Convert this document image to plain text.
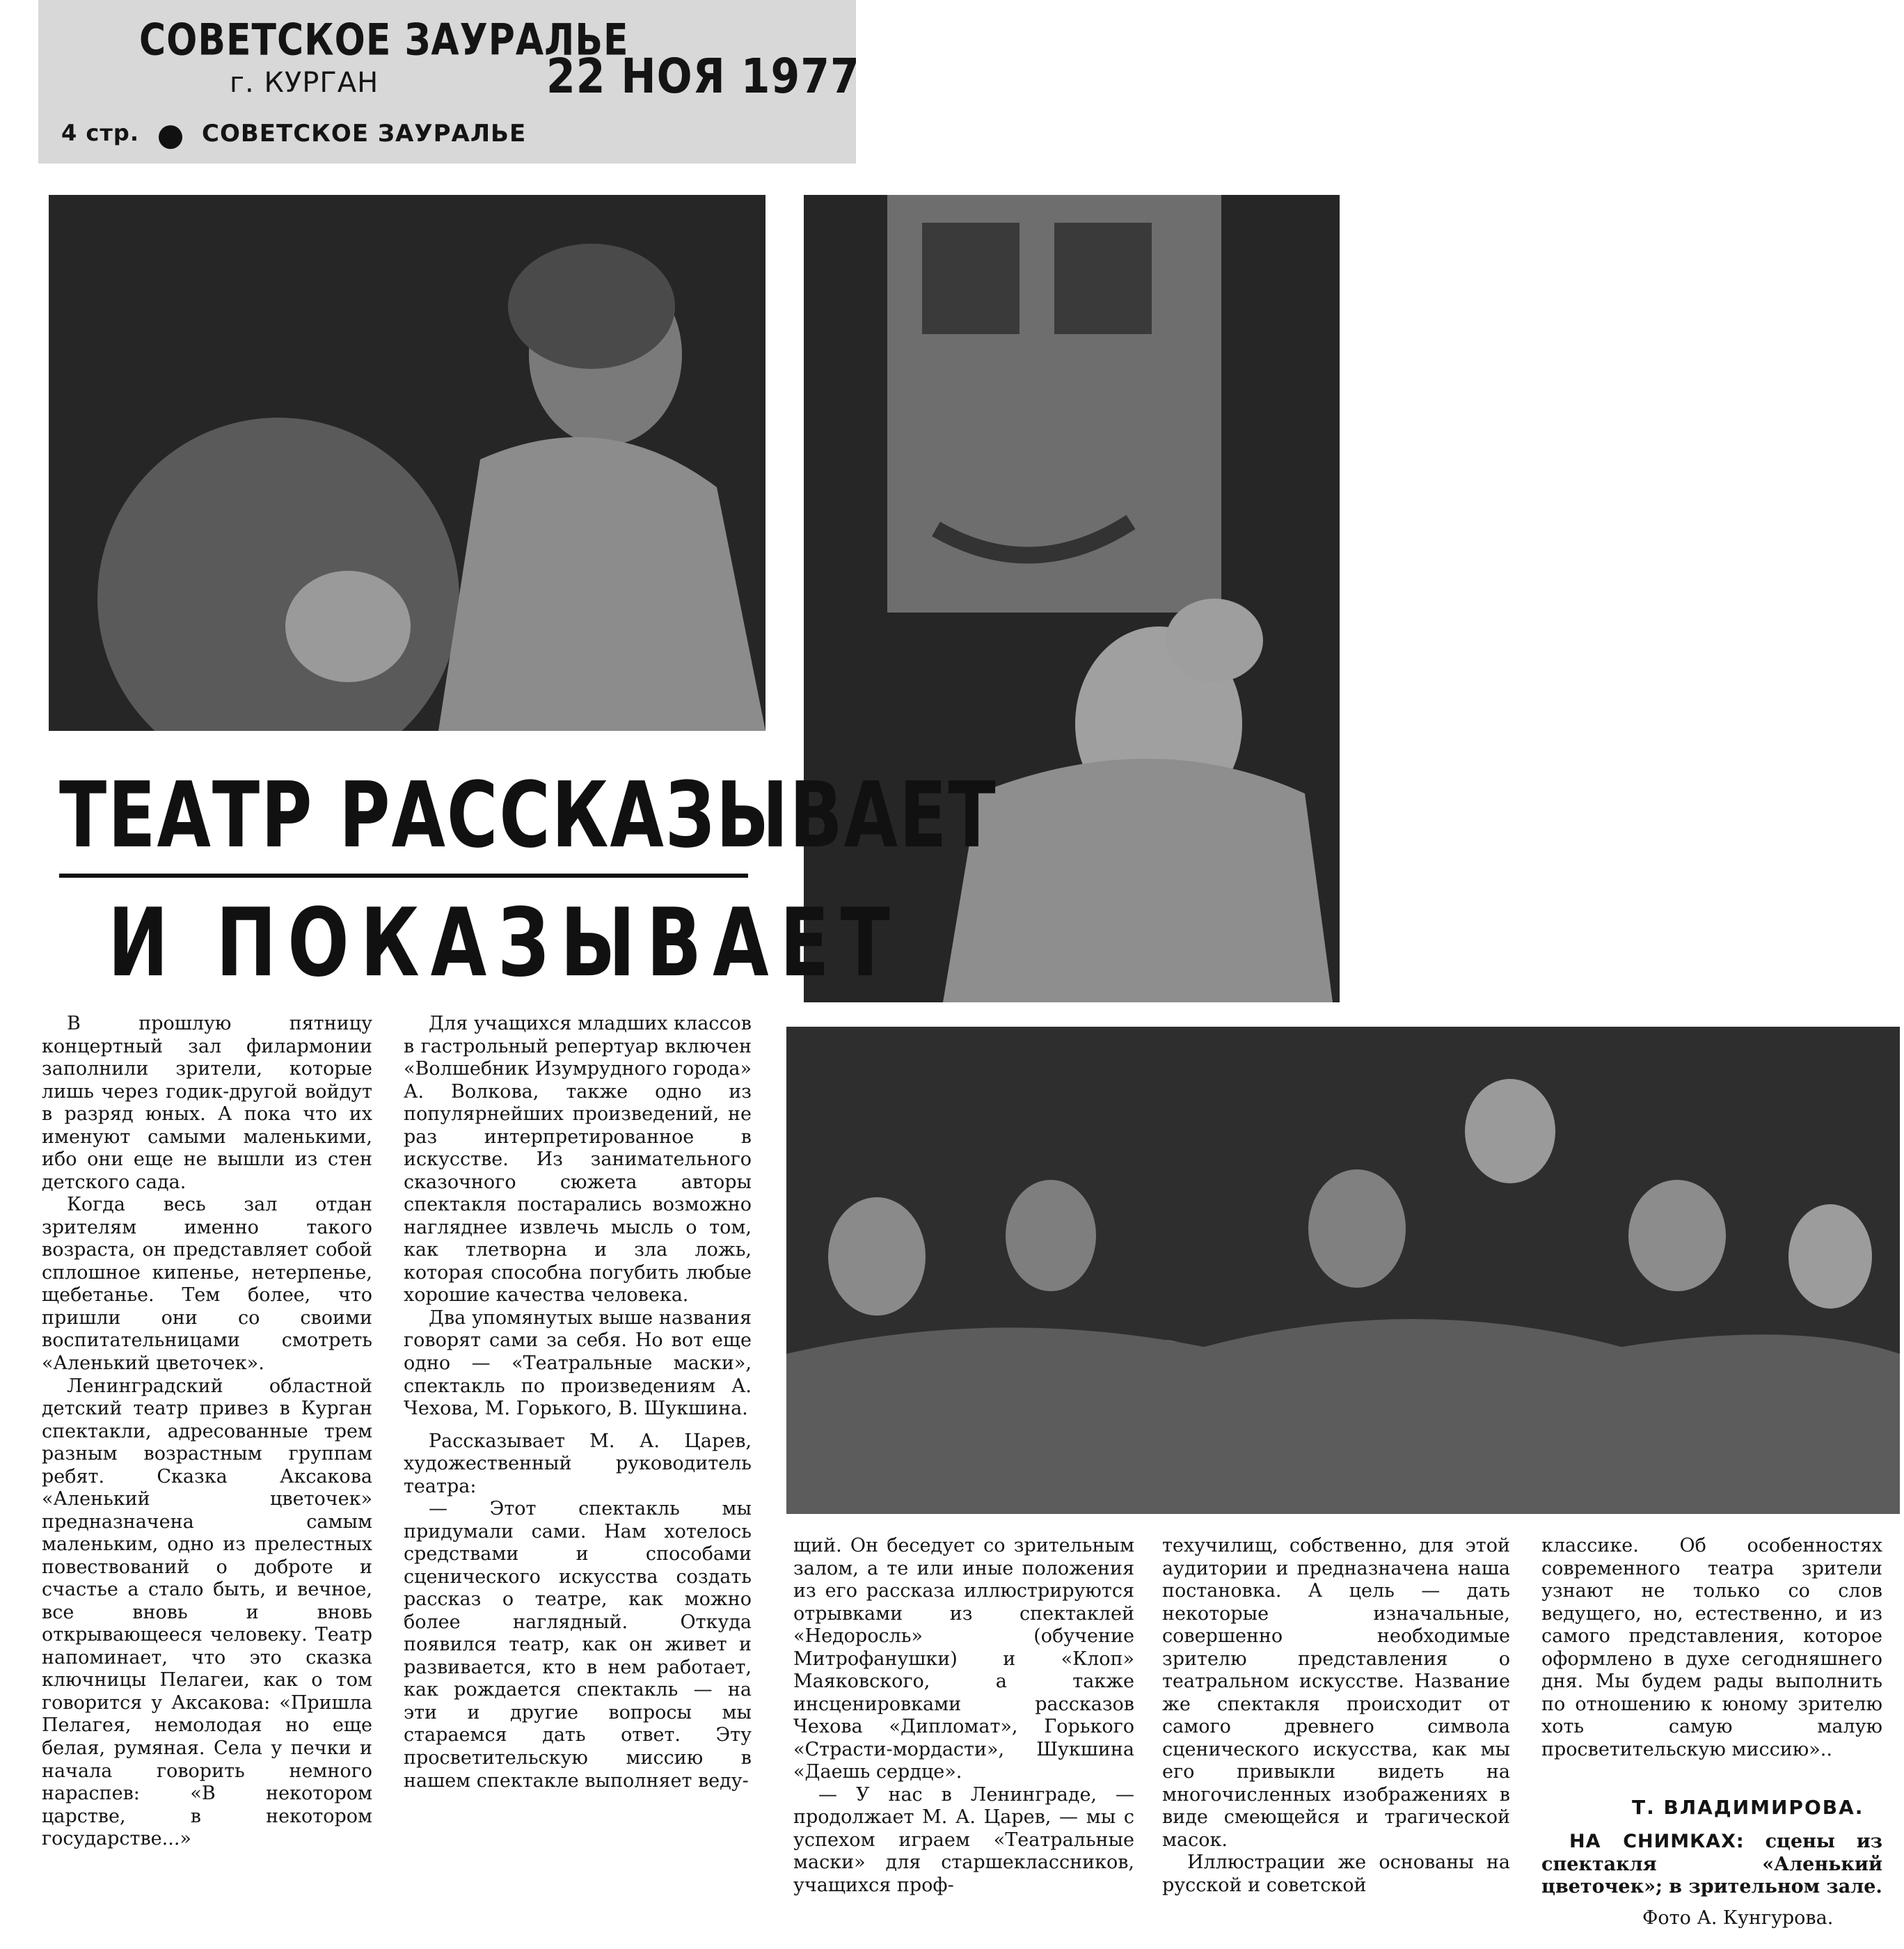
СОВЕТСКОЕ ЗАУРАЛЬЕ
г. КУРГАН	22 НОЯ 1977
4 стр.	СОВЕТСКОЕ ЗАУРАЛЬЕ
ТЕАТР РАССКАЗЫВАЕТ
И ПОКАЗЫВАЕТ

В прошлую пятницу концертный зал филармонии заполнили зрители, которые лишь через годик-другой войдут в разряд юных. А пока что их именуют самыми маленькими, ибо они еще не вышли из стен детского сада.

Когда весь зал отдан зрителям именно такого возраста, он представляет собой сплошное кипенье, нетерпенье, щебетанье. Тем более, что пришли они со своими воспитательницами смотреть «Аленький цветочек».

Ленинградский областной детский театр привез в Курган спектакли, адресованные трем разным возрастным группам ребят. Сказка Аксакова «Аленький цветочек» предназначена самым маленьким, одно из прелестных повествований о доброте и счастье а стало быть, и вечное, все вновь и вновь открывающееся человеку. Театр напоминает, что это сказка ключницы Пелагеи, как о том говорится у Аксакова: «Пришла Пелагея, немолодая но еще белая, румяная. Села у печки и начала говорить немного нараспев: «В некотором царстве, в некотором государстве...»

Для учащихся младших классов в гастрольный репертуар включен «Волшебник Изумрудного города» А. Волкова, также одно из популярнейших произведений, не раз интерпретированное в искусстве. Из занимательного сказочного сюжета авторы спектакля постарались возможно нагляднее извлечь мысль о том, как тлетворна и зла ложь, которая способна погубить любые хорошие качества человека.

Два упомянутых выше названия говорят сами за себя. Но вот еще одно — «Театральные маски», спектакль по произведениям А. Чехова, М. Горького, В. Шукшина.

Рассказывает М. А. Царев, художественный руководитель театра:

— Этот спектакль мы придумали сами. Нам хотелось средствами и способами сценического искусства создать рассказ о театре, как можно более наглядный. Откуда появился театр, как он живет и развивается, кто в нем работает, как рождается спектакль — на эти и другие вопросы мы стараемся дать ответ. Эту просветительскую миссию в нашем спектакле выполняет веду-

щий. Он беседует со зрительным залом, а те или иные положения из его рассказа иллюстрируются отрывками из спектаклей «Недоросль» (обучение Митрофанушки) и «Клоп» Маяковского, а также инсценировками рассказов Чехова «Дипломат», Горького «Страсти-мордасти», Шукшина «Даешь сердце».

— У нас в Ленинграде, — продолжает М. А. Царев, — мы с успехом играем «Театральные маски» для старшеклассников, учащихся проф-

техучилищ, собственно, для этой аудитории и предназначена наша постановка. А цель — дать некоторые изначальные, совершенно необходимые зрителю представления о театральном искусстве. Название же спектакля происходит от самого древнего символа сценического искусства, как мы его привыкли видеть на многочисленных изображениях в виде смеющейся и трагической масок.

Иллюстрации же основаны на русской и советской

классике. Об особенностях современного театра зрители узнают не только со слов ведущего, но, естественно, и из самого представления, которое оформлено в духе сегодняшнего дня. Мы будем рады выполнить по отношению к юному зрителю хоть самую малую просветительскую миссию»..

Т. ВЛАДИМИРОВА.
НА СНИМКАХ: сцены из спектакля «Аленький цветочек»; в зрительном зале.
Фото А. Кунгурова.
